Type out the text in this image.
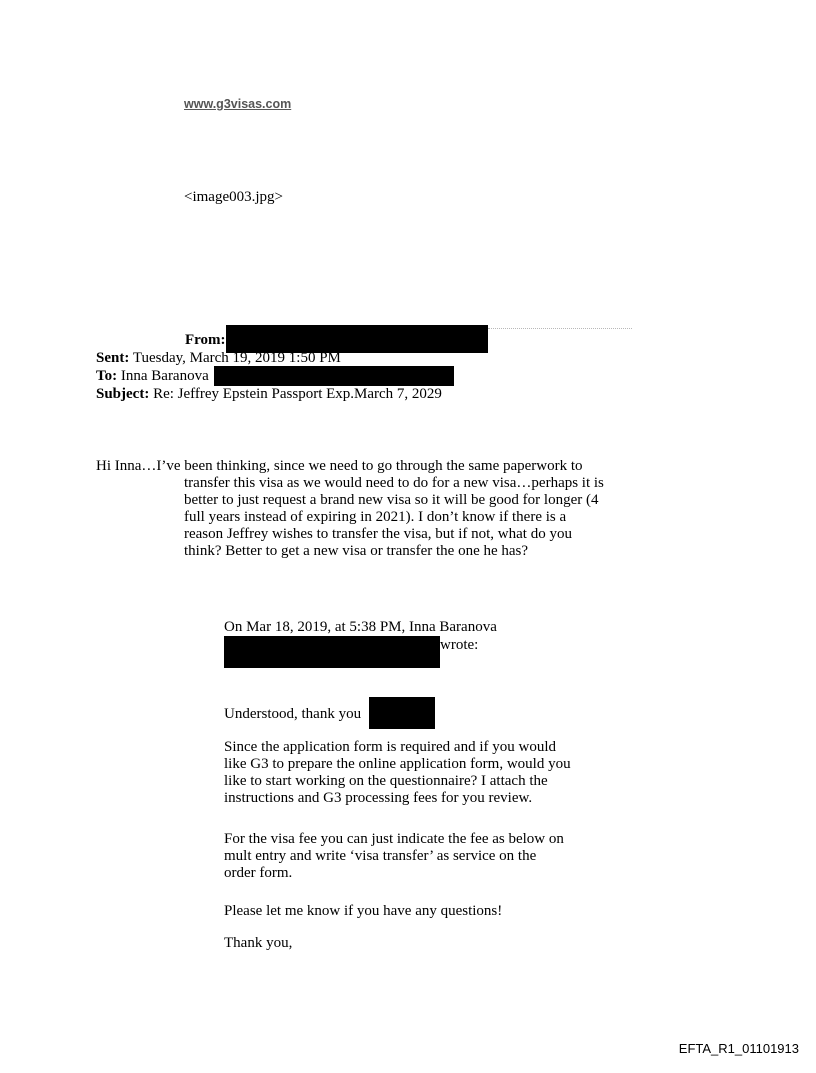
www.g3visas.com
<image003.jpg>
From:
Sent: Tuesday, March 19, 2019 1:50 PM
To: Inna Baranova
Subject: Re: Jeffrey Epstein Passport Exp.March 7, 2029
Hi Inna…I’ve been thinking, since we need to go through the same paperwork to
transfer this visa as we would need to do for a new visa…perhaps it is
better to just request a brand new visa so it will be good for longer (4
full years instead of expiring in 2021). I don’t know if there is a
reason Jeffrey wishes to transfer the visa, but if not, what do you
think? Better to get a new visa or transfer the one he has?
On Mar 18, 2019, at 5:38 PM, Inna Baranova
wrote:
Understood, thank you
Since the application form is required and if you would
like G3 to prepare the online application form, would you
like to start working on the questionnaire? I attach the
instructions and G3 processing fees for you review.
For the visa fee you can just indicate the fee as below on
mult entry and write ‘visa transfer’ as service on the
order form.
Please let me know if you have any questions!
Thank you,
EFTA_R1_01101913
